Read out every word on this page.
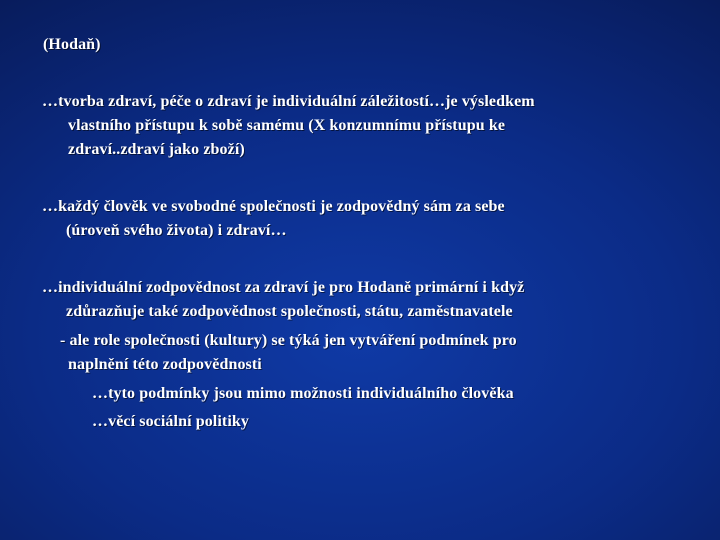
(Hodaň)
…tvorba zdraví, péče o zdraví je individuální záležitostí…je výsledkem
vlastního přístupu k sobě samému (X konzumnímu přístupu ke
zdraví..zdraví jako zboží)
…každý člověk ve svobodné společnosti je zodpovědný sám za sebe
(úroveň svého života) i zdraví…
…individuální zodpovědnost za zdraví je pro Hodaně primární i když
zdůrazňuje také zodpovědnost společnosti, státu, zaměstnavatele
- ale role společnosti (kultury) se týká jen vytváření podmínek pro
naplnění této zodpovědnosti
…tyto podmínky jsou mimo možnosti individuálního člověka
…věcí sociální politiky
